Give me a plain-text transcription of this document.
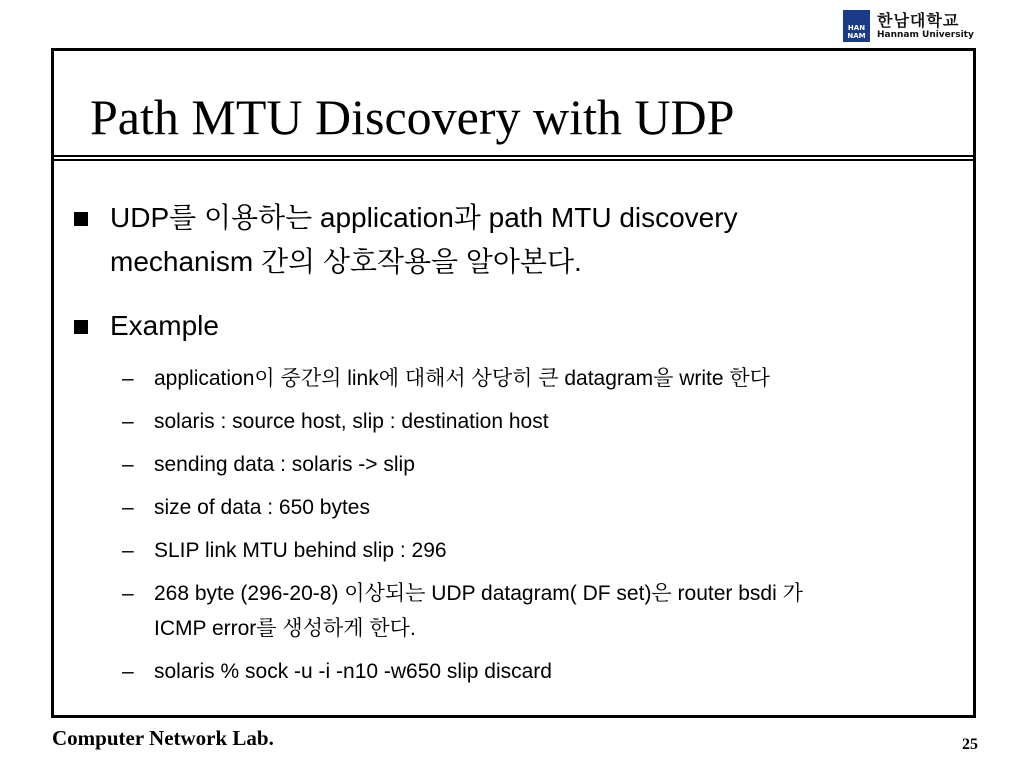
HAN NAM
한남대학교
Hannam University
Path MTU Discovery with UDP
UDP를 이용하는 application과 path MTU discovery
mechanism 간의 상호작용을 알아본다.
Example
– application이 중간의 link에 대해서 상당히 큰 datagram을 write 한다
– solaris : source host, slip : destination host
– sending data : solaris -> slip
– size of data : 650 bytes
– SLIP link MTU behind slip : 296
– 268 byte (296-20-8) 이상되는 UDP datagram( DF set)은 router bsdi 가
ICMP error를 생성하게 한다.
– solaris % sock -u -i -n10 -w650 slip discard
Computer Network Lab.	25
